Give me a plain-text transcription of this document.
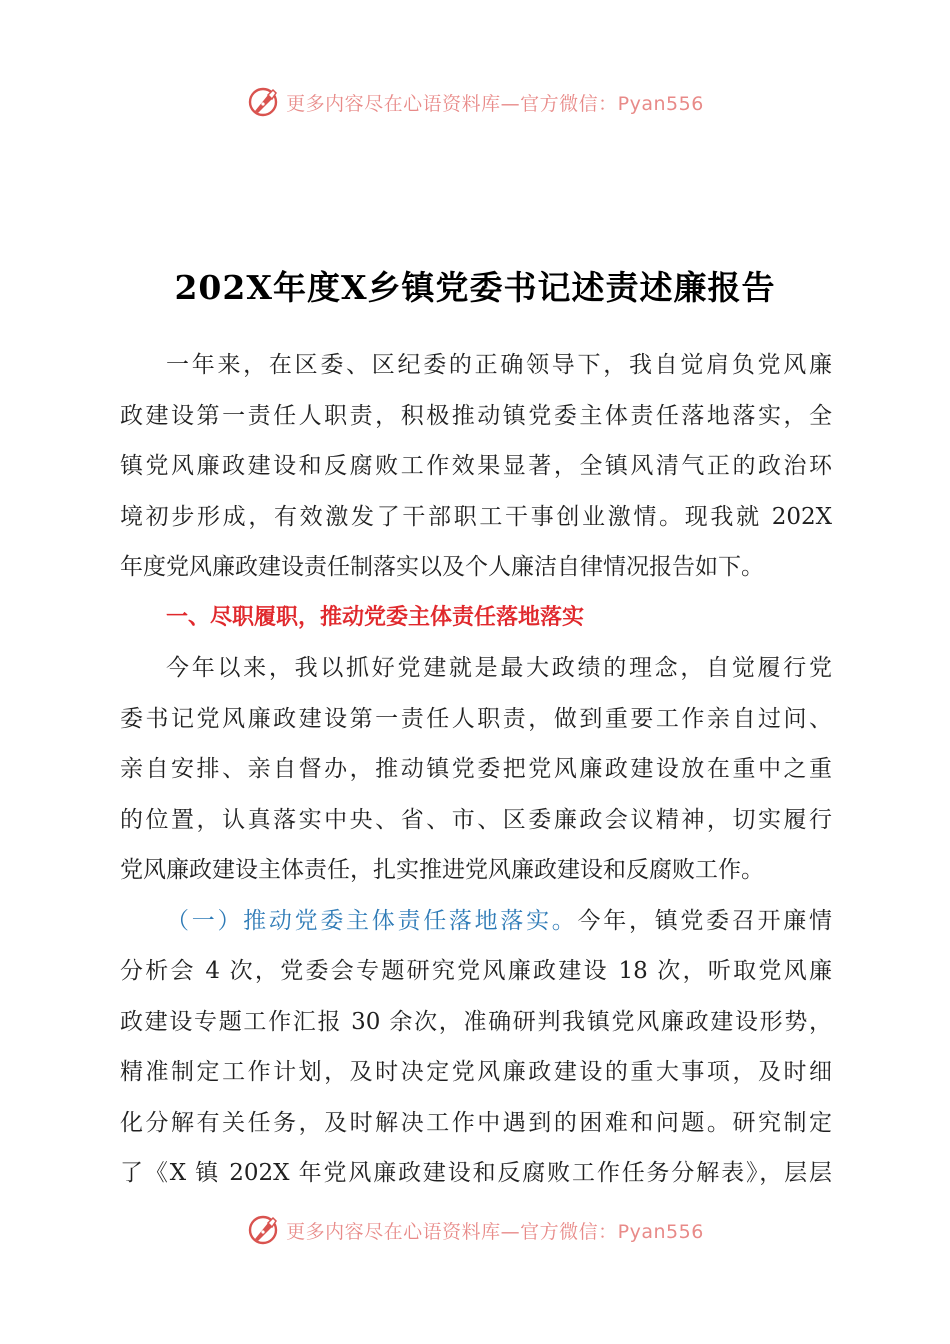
更多内容尽在心语资料库—官方微信：Pyan556
202X年度X乡镇党委书记述责述廉报告
一年来，在区委、区纪委的正确领导下，我自觉肩负党风廉
政建设第一责任人职责，积极推动镇党委主体责任落地落实，全
镇党风廉政建设和反腐败工作效果显著，全镇风清气正的政治环
境初步形成，有效激发了干部职工干事创业激情。现我就 202X
年度党风廉政建设责任制落实以及个人廉洁自律情况报告如下。
一、尽职履职，推动党委主体责任落地落实
今年以来，我以抓好党建就是最大政绩的理念，自觉履行党
委书记党风廉政建设第一责任人职责，做到重要工作亲自过问、
亲自安排、亲自督办，推动镇党委把党风廉政建设放在重中之重
的位置，认真落实中央、省、市、区委廉政会议精神，切实履行
党风廉政建设主体责任，扎实推进党风廉政建设和反腐败工作。
（一）推动党委主体责任落地落实。今年，镇党委召开廉情
分析会 4 次，党委会专题研究党风廉政建设 18 次，听取党风廉
政建设专题工作汇报 30 余次，准确研判我镇党风廉政建设形势，
精准制定工作计划，及时决定党风廉政建设的重大事项，及时细
化分解有关任务，及时解决工作中遇到的困难和问题。研究制定
了《X 镇 202X 年党风廉政建设和反腐败工作任务分解表》，层层
更多内容尽在心语资料库—官方微信：Pyan556
